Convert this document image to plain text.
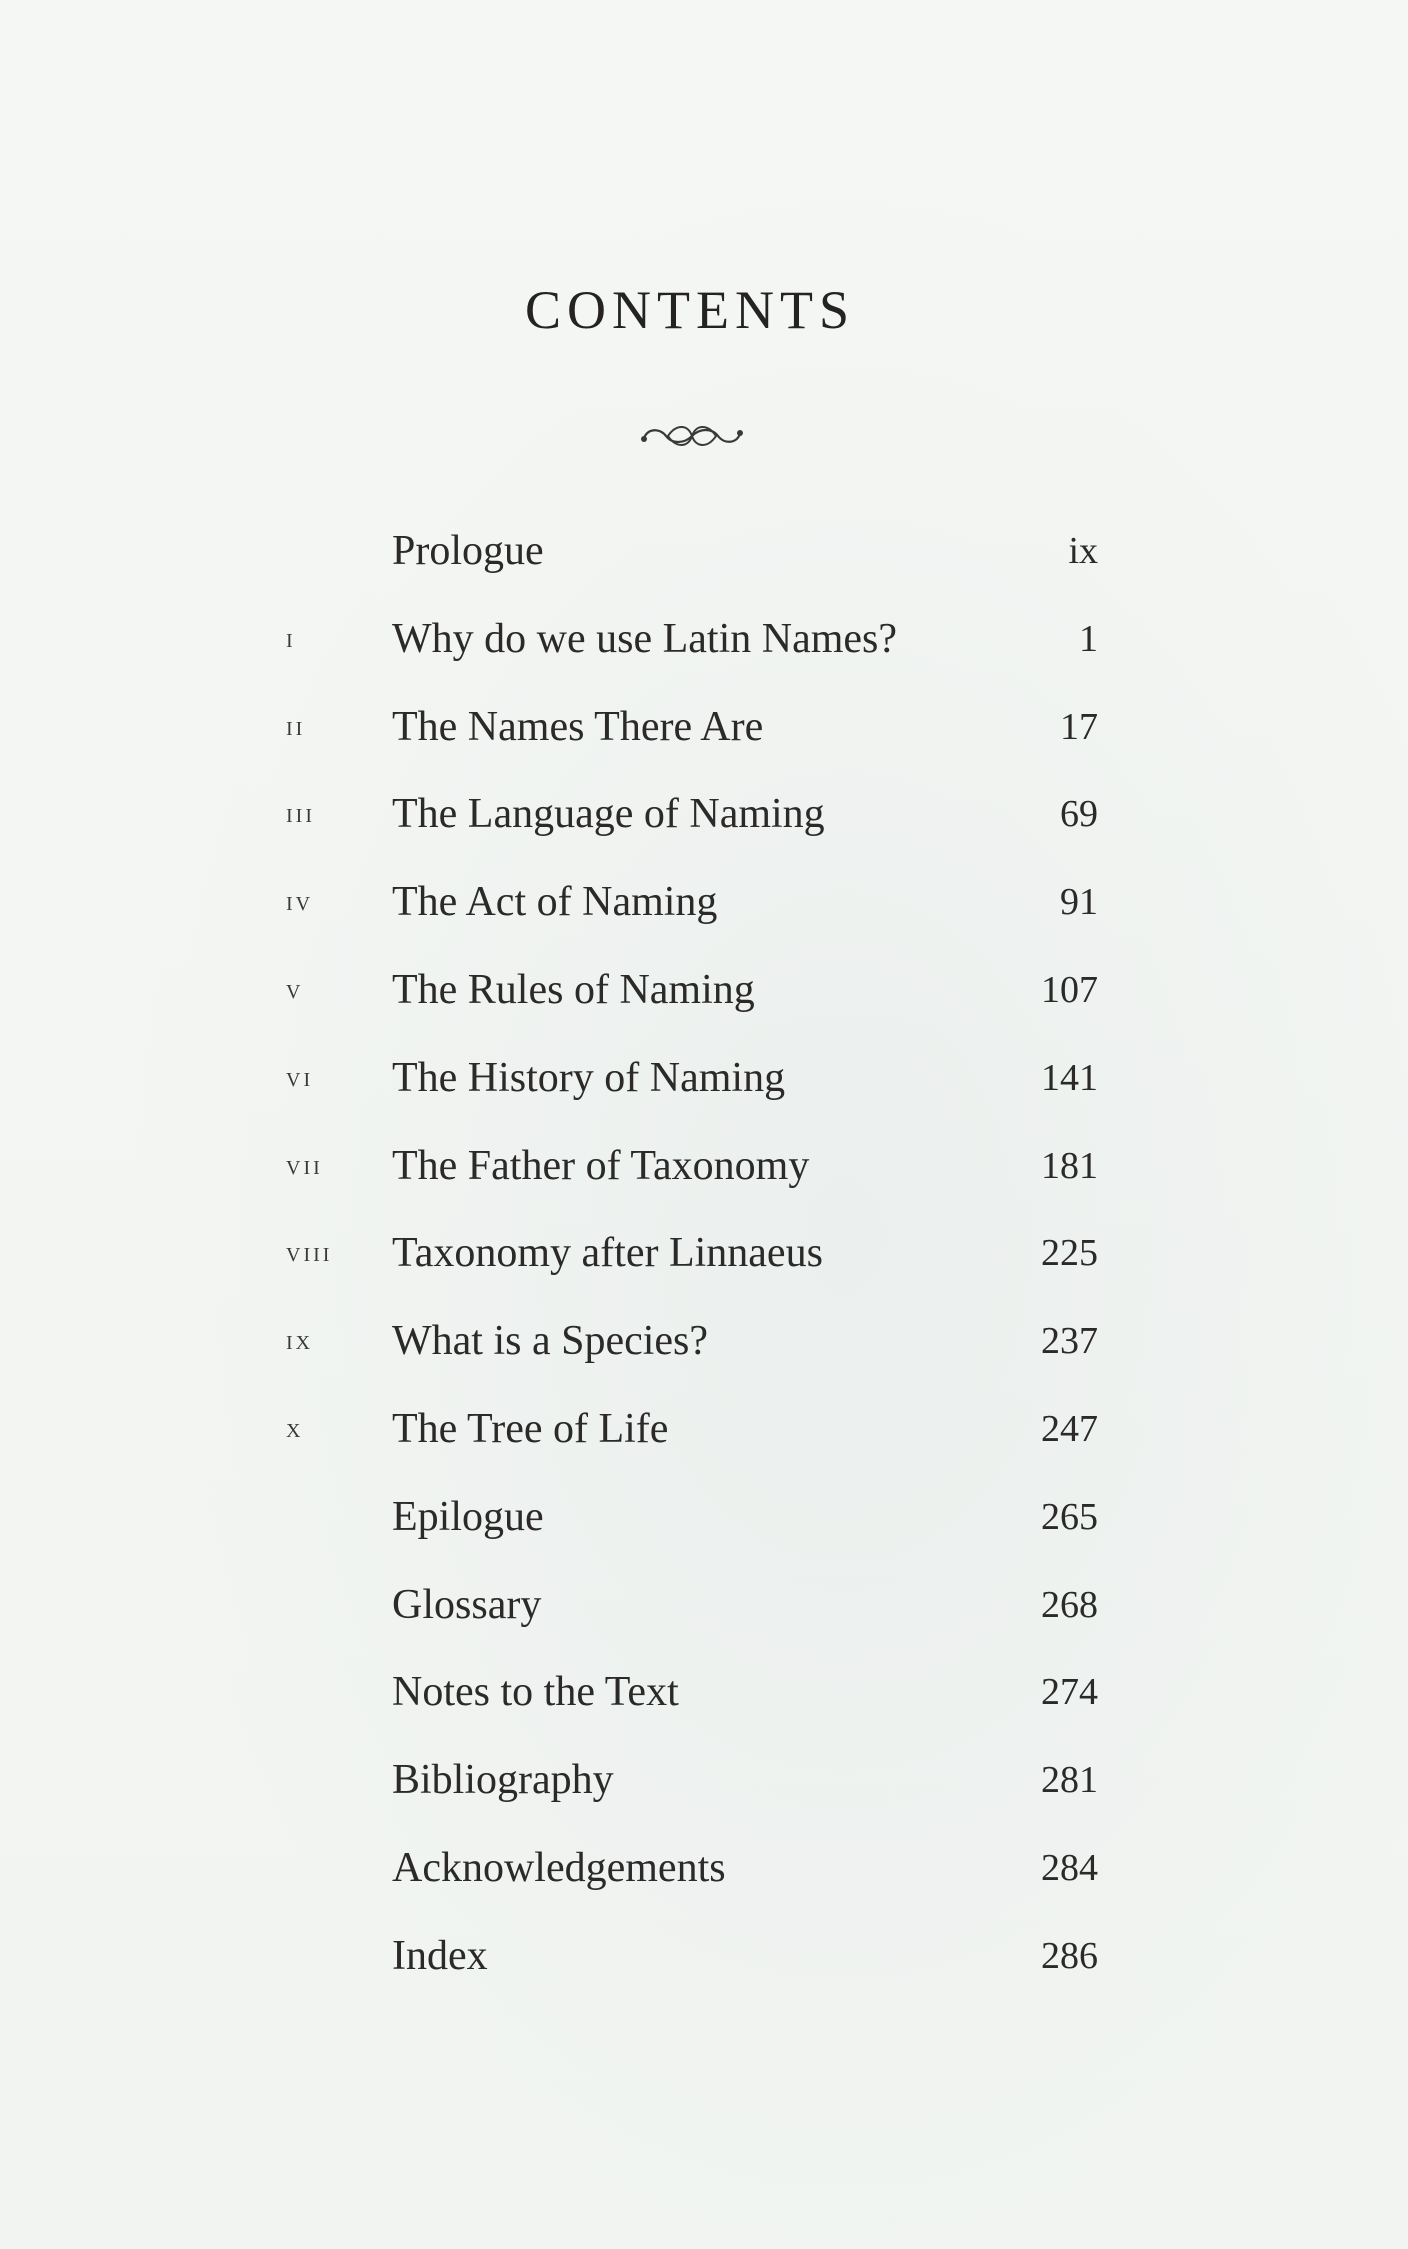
CONTENTS
Prologue	ix
i Why do we use Latin Names?	1
ii The Names There Are	17
iii The Language of Naming	69
iv The Act of Naming	91
v The Rules of Naming	107
vi The History of Naming	141
vii The Father of Taxonomy	181
viii Taxonomy after Linnaeus	225
ix What is a Species?	237
x The Tree of Life	247
Epilogue	265
Glossary	268
Notes to the Text	274
Bibliography	281
Acknowledgements	284
Index	286
